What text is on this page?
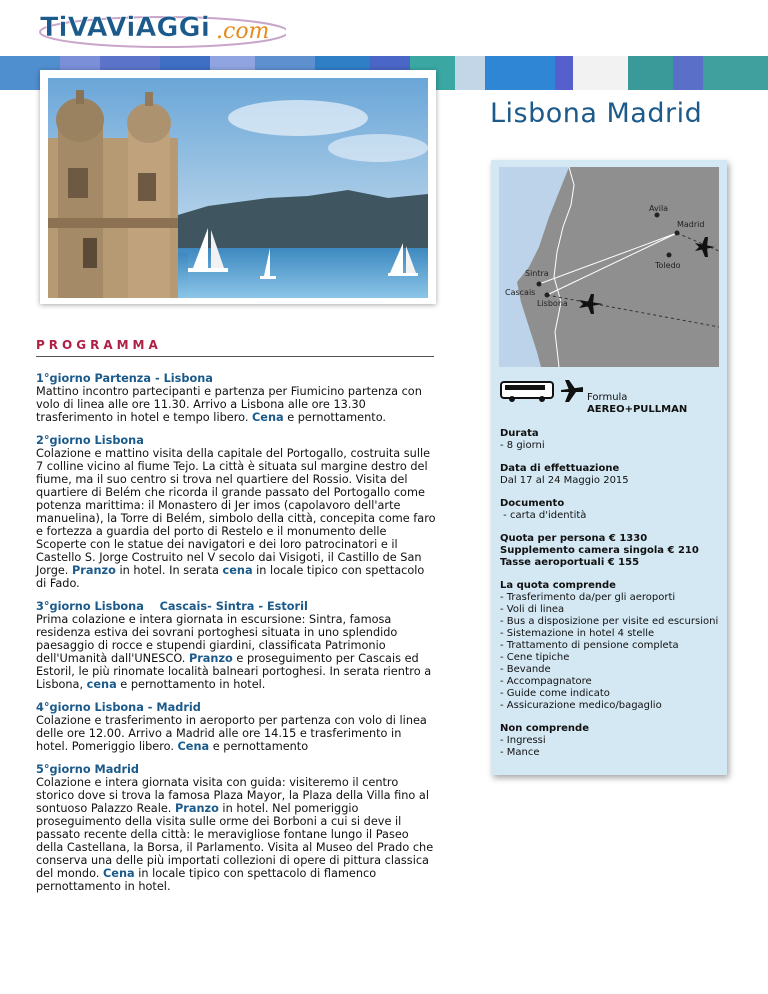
TiVAViAGGi .com
Lisbona Madrid
Avila
Madrid
Toledo
Sintra
Cascais
Lisbona
PROGRAMMA
1°giorno Partenza - Lisbona
Mattino incontro partecipanti e partenza per Fiumicino partenza con volo di linea alle ore 11.30. Arrivo a Lisbona alle ore 13.30 trasferimento in hotel e tempo libero. Cena e pernottamento.
2°giorno Lisbona
Colazione e mattino visita della capitale del Portogallo, costruita sulle 7 colline vicino al fiume Tejo. La città è situata sul margine destro del fiume, ma il suo centro si trova nel quartiere del Rossio. Visita del quartiere di Belém che ricorda il grande passato del Portogallo come potenza marittima: il Monastero di Jer imos (capolavoro dell'arte manuelina), la Torre di Belém, simbolo della città, concepita come faro e fortezza a guardia del porto di Restelo e il monumento delle Scoperte con le statue dei navigatori e dei loro patrocinatori e il Castello S. Jorge Costruito nel V secolo dai Visigoti, il Castillo de San Jorge. Pranzo in hotel. In serata cena in locale tipico con spettacolo di Fado.
3°giorno Lisbona    Cascais- Sintra - Estoril
Prima colazione e intera giornata in escursione: Sintra, famosa residenza estiva dei sovrani portoghesi situata in uno splendido paesaggio di rocce e stupendi giardini, classificata Patrimonio dell'Umanità dall'UNESCO. Pranzo e proseguimento per Cascais ed Estoril, le più rinomate località balneari portoghesi. In serata rientro a Lisbona, cena e pernottamento in hotel.
4°giorno Lisbona - Madrid
Colazione e trasferimento in aeroporto per partenza con volo di linea delle ore 12.00. Arrivo a Madrid alle ore 14.15 e trasferimento in hotel. Pomeriggio libero. Cena e pernottamento
5°giorno Madrid
Colazione e intera giornata visita con guida: visiteremo il centro storico dove si trova la famosa Plaza Mayor, la Plaza della Villa fino al sontuoso Palazzo Reale. Pranzo in hotel. Nel pomeriggio proseguimento della visita sulle orme dei Borboni a cui si deve il passato recente della città: le meravigliose fontane lungo il Paseo della Castellana, la Borsa, il Parlamento. Visita al Museo del Prado che conserva una delle più importati collezioni di opere di pittura classica del mondo. Cena in locale tipico con spettacolo di flamenco pernottamento in hotel.
Formula
AEREO+PULLMAN
Durata
- 8 giorni
Data di effettuazione
Dal 17 al 24 Maggio 2015
Documento
- carta d'identità
Quota per persona € 1330
Supplemento camera singola € 210
Tasse aeroportuali € 155
La quota comprende
- Trasferimento da/per gli aeroporti
- Voli di linea
- Bus a disposizione per visite ed escursioni
- Sistemazione in hotel 4 stelle
- Trattamento di pensione completa
- Cene tipiche
- Bevande
- Accompagnatore
- Guide come indicato
- Assicurazione medico/bagaglio
Non comprende
- Ingressi
- Mance
